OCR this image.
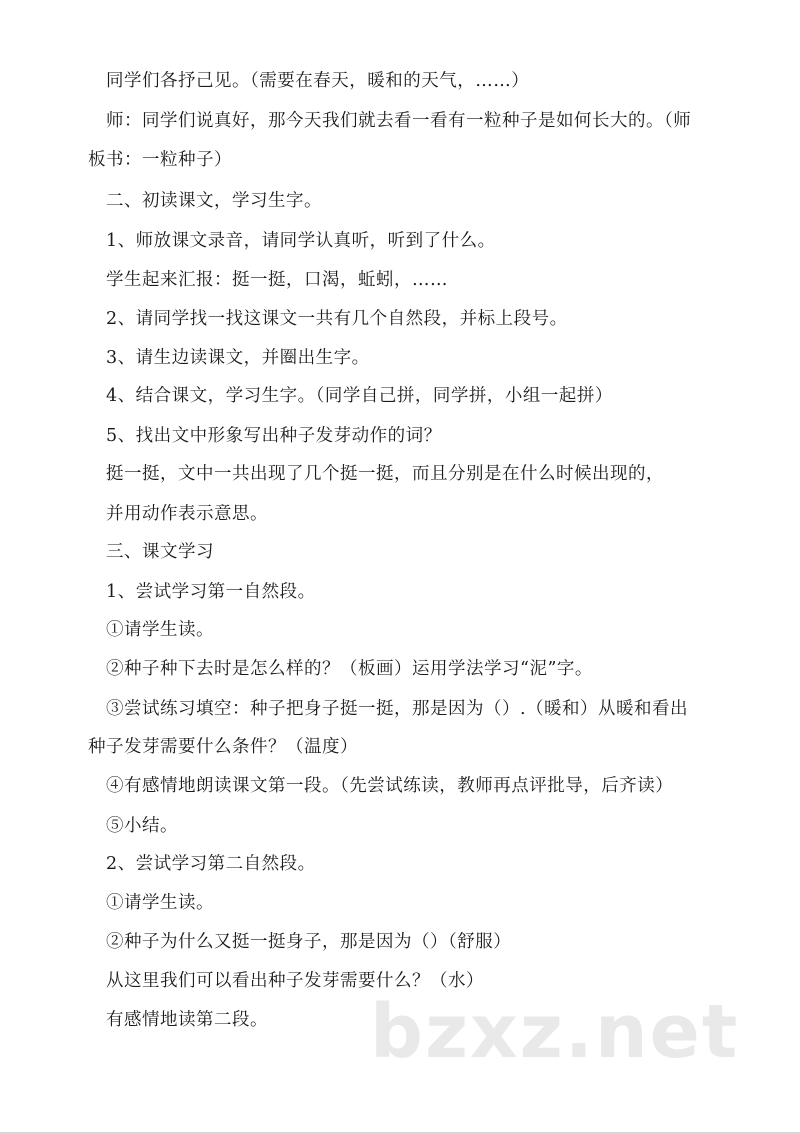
同学们各抒己见。（需要在春天，暖和的天气，……）
师：同学们说真好，那今天我们就去看一看有一粒种子是如何长大的。（师
板书：一粒种子）
二、初读课文，学习生字。
1、师放课文录音，请同学认真听，听到了什么。
学生起来汇报：挺一挺，口渴，蚯蚓，……
2、请同学找一找这课文一共有几个自然段，并标上段号。
3、请生边读课文，并圈出生字。
4、结合课文，学习生字。（同学自己拼，同学拼，小组一起拼）
5、找出文中形象写出种子发芽动作的词？
挺一挺，文中一共出现了几个挺一挺，而且分别是在什么时候出现的，
并用动作表示意思。
三、课文学习
1、尝试学习第一自然段。
①请学生读。
②种子种下去时是怎么样的？（板画）运用学法学习“泥”字。
③尝试练习填空：种子把身子挺一挺，那是因为（）.（暖和）从暖和看出
种子发芽需要什么条件？（温度）
④有感情地朗读课文第一段。（先尝试练读，教师再点评批导，后齐读）
⑤小结。
2、尝试学习第二自然段。
①请学生读。
②种子为什么又挺一挺身子，那是因为（）（舒服）
从这里我们可以看出种子发芽需要什么？（水）
有感情地读第二段。 bzxz.net
